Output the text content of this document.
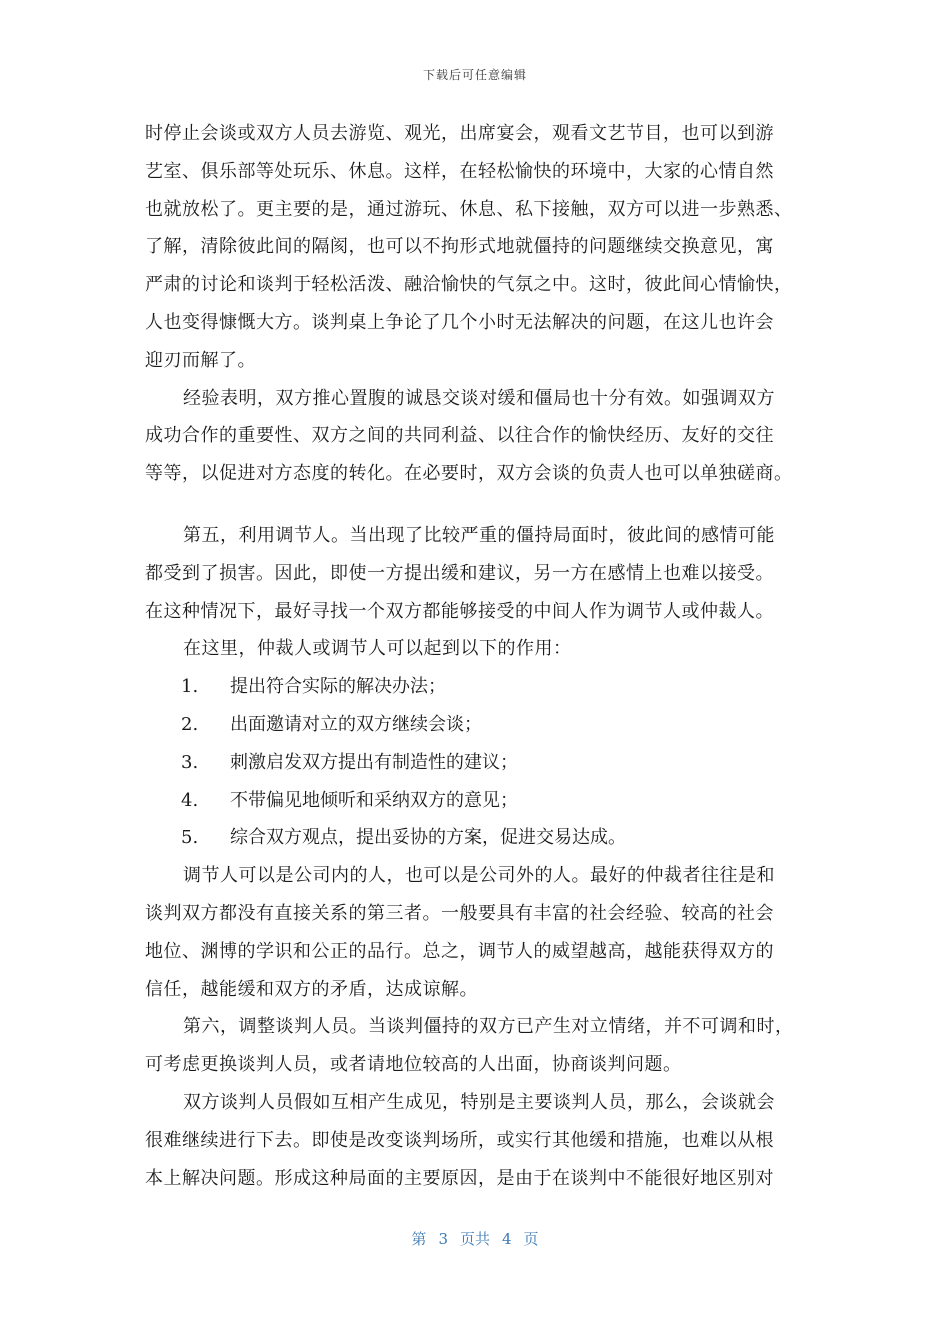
下载后可任意编辑
时停止会谈或双方人员去游览、观光，出席宴会，观看文艺节目，也可以到游
艺室、俱乐部等处玩乐、休息。这样，在轻松愉快的环境中，大家的心情自然
也就放松了。更主要的是，通过游玩、休息、私下接触，双方可以进一步熟悉、
了解，清除彼此间的隔阂，也可以不拘形式地就僵持的问题继续交换意见，寓
严肃的讨论和谈判于轻松活泼、融洽愉快的气氛之中。这时，彼此间心情愉快，
人也变得慷慨大方。谈判桌上争论了几个小时无法解决的问题，在这儿也许会
迎刃而解了。
经验表明，双方推心置腹的诚恳交谈对缓和僵局也十分有效。如强调双方
成功合作的重要性、双方之间的共同利益、以往合作的愉快经历、友好的交往
等等，以促进对方态度的转化。在必要时，双方会谈的负责人也可以单独磋商。
第五，利用调节人。当出现了比较严重的僵持局面时，彼此间的感情可能
都受到了损害。因此，即使一方提出缓和建议，另一方在感情上也难以接受。
在这种情况下，最好寻找一个双方都能够接受的中间人作为调节人或仲裁人。
在这里，仲裁人或调节人可以起到以下的作用：
1. 提出符合实际的解决办法；
2. 出面邀请对立的双方继续会谈；
3. 刺激启发双方提出有制造性的建议；
4. 不带偏见地倾听和采纳双方的意见；
5. 综合双方观点，提出妥协的方案，促进交易达成。
调节人可以是公司内的人，也可以是公司外的人。最好的仲裁者往往是和
谈判双方都没有直接关系的第三者。一般要具有丰富的社会经验、较高的社会
地位、渊博的学识和公正的品行。总之，调节人的威望越高，越能获得双方的
信任，越能缓和双方的矛盾，达成谅解。
第六，调整谈判人员。当谈判僵持的双方已产生对立情绪，并不可调和时，
可考虑更换谈判人员，或者请地位较高的人出面，协商谈判问题。
双方谈判人员假如互相产生成见，特别是主要谈判人员，那么，会谈就会
很难继续进行下去。即使是改变谈判场所，或实行其他缓和措施，也难以从根
本上解决问题。形成这种局面的主要原因，是由于在谈判中不能很好地区别对
第 3 页共 4 页
